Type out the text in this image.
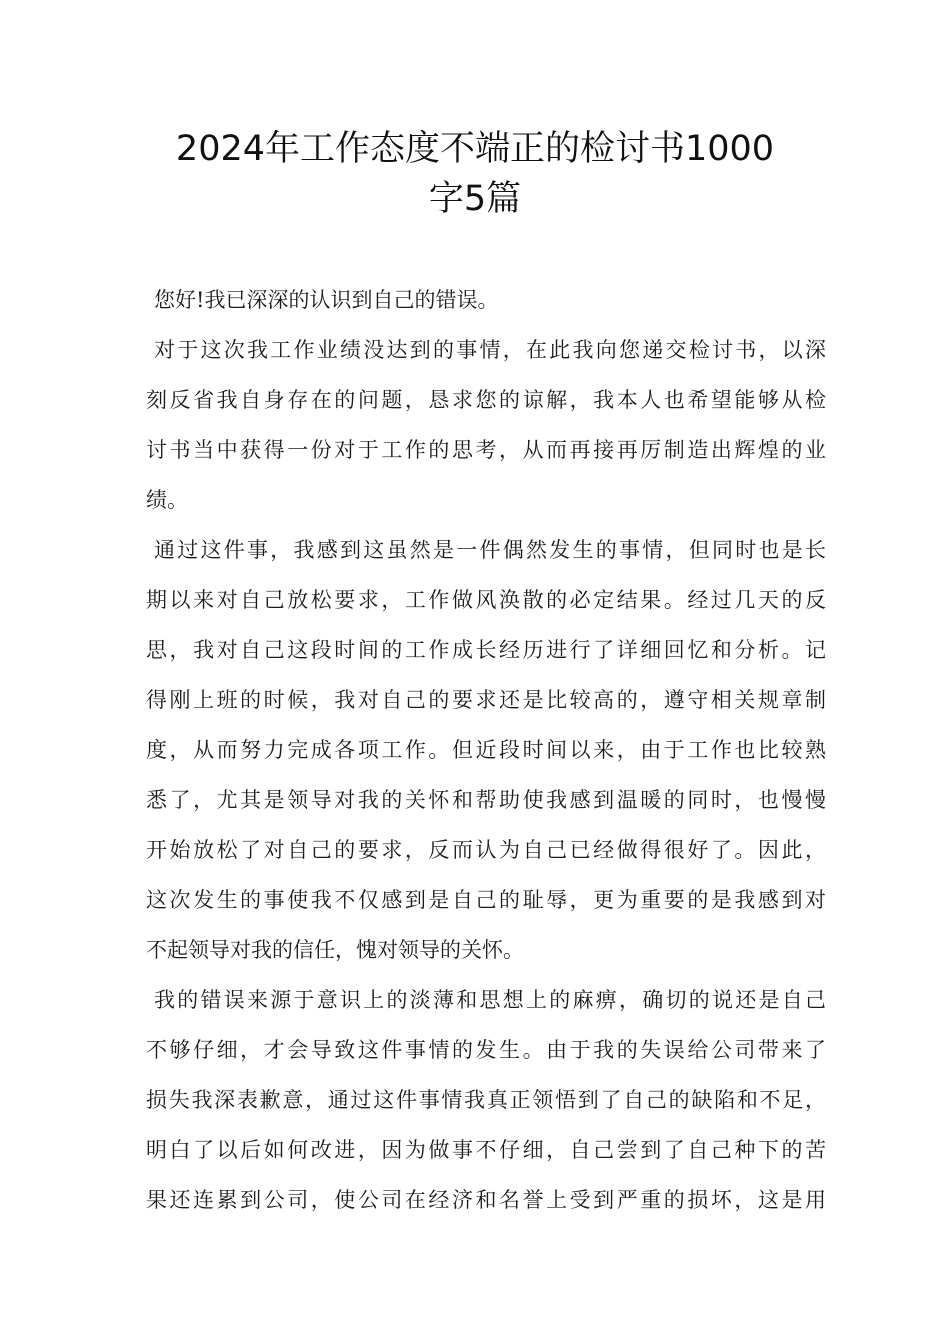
2024年工作态度不端正的检讨书1000
字5篇
您好!我已深深的认识到自己的错误。
对于这次我工作业绩没达到的事情，在此我向您递交检讨书，以深
刻反省我自身存在的问题，恳求您的谅解，我本人也希望能够从检
讨书当中获得一份对于工作的思考，从而再接再厉制造出辉煌的业
绩。
通过这件事，我感到这虽然是一件偶然发生的事情，但同时也是长
期以来对自己放松要求，工作做风涣散的必定结果。经过几天的反
思，我对自己这段时间的工作成长经历进行了详细回忆和分析。记
得刚上班的时候，我对自己的要求还是比较高的，遵守相关规章制
度，从而努力完成各项工作。但近段时间以来，由于工作也比较熟
悉了，尤其是领导对我的关怀和帮助使我感到温暖的同时，也慢慢
开始放松了对自己的要求，反而认为自己已经做得很好了。因此，
这次发生的事使我不仅感到是自己的耻辱，更为重要的是我感到对
不起领导对我的信任，愧对领导的关怀。
我的错误来源于意识上的淡薄和思想上的麻痹，确切的说还是自己
不够仔细，才会导致这件事情的发生。由于我的失误给公司带来了
损失我深表歉意，通过这件事情我真正领悟到了自己的缺陷和不足，
明白了以后如何改进，因为做事不仔细，自己尝到了自己种下的苦
果还连累到公司，使公司在经济和名誉上受到严重的损坏，这是用
